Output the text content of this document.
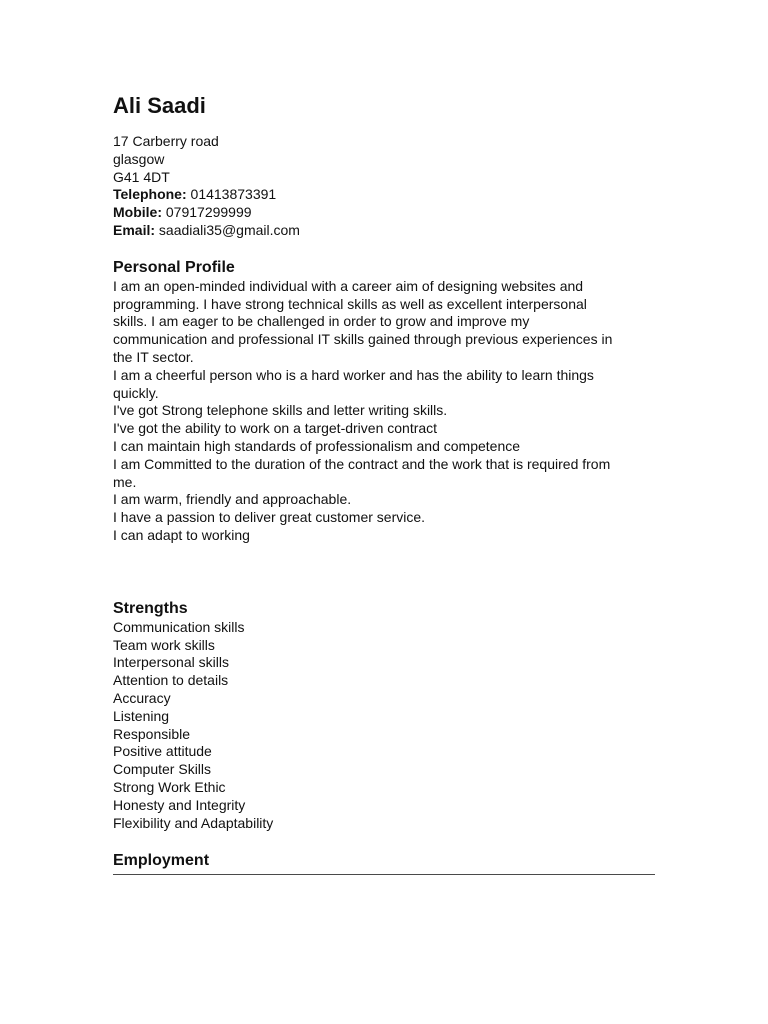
Ali Saadi
17 Carberry road
glasgow
G41 4DT
Telephone: 01413873391
Mobile: 07917299999
Email: saadiali35@gmail.com
Personal Profile
I am an open-minded individual with a career aim of designing websites and
programming. I have strong technical skills as well as excellent interpersonal
skills. I am eager to be challenged in order to grow and improve my
communication and professional IT skills gained through previous experiences in
the IT sector.
I am a cheerful person who is a hard worker and has the ability to learn things
quickly.
I've got Strong telephone skills and letter writing skills.
I've got the ability to work on a target-driven contract
I can maintain high standards of professionalism and competence
I am Committed to the duration of the contract and the work that is required from
me.
I am warm, friendly and approachable.
I have a passion to deliver great customer service.
I can adapt to working
Strengths
Communication skills
Team work skills
Interpersonal skills
Attention to details
Accuracy
Listening
Responsible
Positive attitude
Computer Skills
Strong Work Ethic
Honesty and Integrity
Flexibility and Adaptability
Employment
